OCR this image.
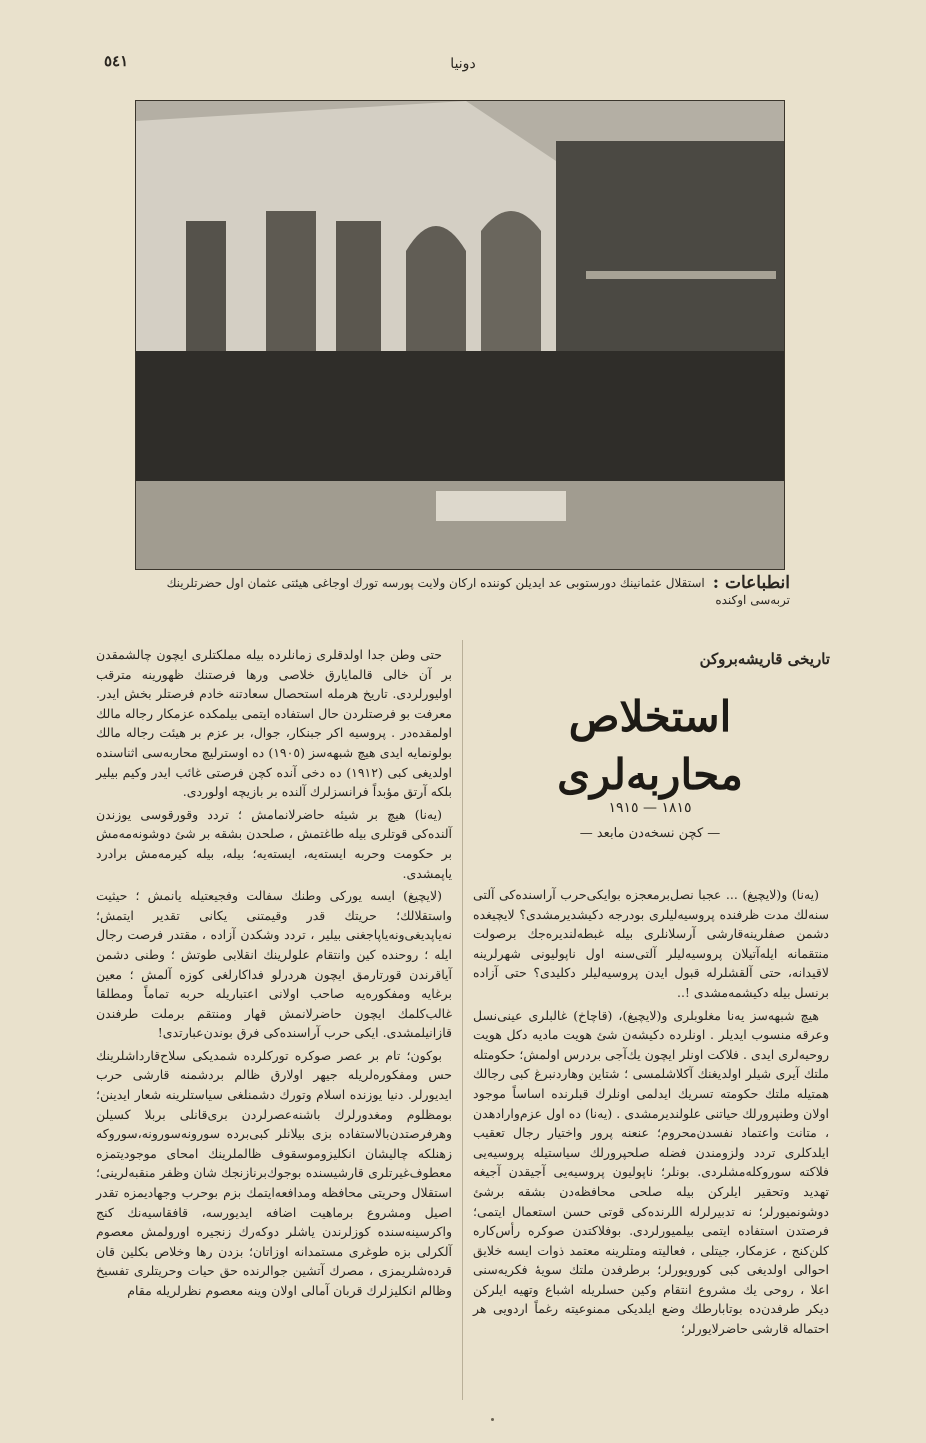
٥٤١	دونیا
انطباعات :
استقلال عثمانینك دورستوبی عد ایدیلن کوننده ارکان ولایت پورسه تورك اوجاغی هیئتی عثمان اول حضرتلرینك تربه‌سی اوکنده
تاریخی قاریشه‌برو‌کن
استخلاص محاربه‌لری
١٨١٥ — ١٩١٥
— کچن نسخه‌دن مابعد —

حتی وطن جدا اولدقلری زمانلرده بیله مملکتلری ایچون چالشمقدن بر آن خالی قالمایارق خلاصی ورها فرصتنك ظهورینه مترقب اولیورلردی. تاریخ هرمله استحصال سعادتنه خادم فرصتلر بخش ایدر. معرفت بو فرصتلردن حال استفاده ایتمی بیلمکده عزمکار رجاله مالك اولمقده‌در . پروسیه اکر جبنکار، جوال، بر عزم بر هیئت رجاله مالك بولونمایه ایدی هیچ شبهه‌سز (١٩٠٥) ده اوسترلیچ محاربه‌سی اثناسنده اولدیغی کبی (١٩١٢) ده دخی آنده کچن فرصتی غائب ایدر وکیم بیلیر بلکه آرتق مؤبداً فرانسزلرك آلنده بر بازیچه اولوردی.

(یه‌نا) هیچ بر شیئه حاضرلانمامش ؛ تردد وقورقوسی یوزندن آلنده‌کی قوتلری بیله طاغتمش ، صلحدن بشقه بر شئ دوشونه‌مه‌مش بر حکومت وحربه ایسته‌یه، ایسته‌یه؛ بیله، بیله کیرمه‌مش برادرد یاپمشدی.

(لایچیغ) ایسه یورکی وطنك سفالت وفجیعتیله یانمش ؛ حیثیت واستقلالك؛ حریتك قدر وقیمتنی یکانی تقدیر ایتمش؛ نه‌یاپدیغی‌ونه‌یاپاجغنی بیلیر ، تردد وشکدن آزاده ، مقتدر فرصت رجال ایله ؛ روحنده کین وانتقام علولرینك انقلابی طوتش ؛ وطنی دشمن آیاقرندن قورتارمق ایچون هردرلو فداکارلغی کوزه آلمش ؛ معین برغایه ومفکوره‌یه صاحب اولانی اعتباریله حربه تماماً ومطلقا غالب‌کلمك ایچون حاضرلانمش قهار ومنتقم برملت طرفندن قازانیلمشدی. ایکی حرب آراسنده‌کی فرق بوندن‌عبارتدی!

بوکون؛ تام بر عصر صوکره تورکلرده شمدیکی سلاح‌قارداشلرینك حس ومفکوره‌لریله جیهر اولارق ظالم بردشمنه قارشی حرب ایدیورلر. دنیا یوزنده اسلام وتورك دشمنلغی سیاستلرینه شعار ایدینن؛ بومظلوم ومغدورلرك باشنه‌عصرلردن بری‌قانلی بربلا کسیلن وهرفرصتدن‌بالاستفاده بزی بیلانلر کبی‌برده سورونه‌سورونه‌،سوروکه زهنلکه چالیشان انکلیزوموسقوف ظالملرینك امحای موجودیتمزه معطوف‌غیرتلری قارشیسنده بوجوك‌برنازنجك شان وظفر منقبه‌لرینی؛ استقلال وحریتی محافظه ومدافعه‌ایتمك بزم بوحرب وجهادیمزه تقدر اصیل ومشروع برماهیت اضافه ایدیورسه، قافقاسیه‌نك کنج واکرسینه‌سنده کوزلرندن یاشلر دوکه‌رك زنجیره اورولمش معصوم آلکرلی بزه طوغری مستمدانه اوزاتان؛ بزدن رها وخلاص بکلین قان قرده‌شلریمزی ، مصرك آتشین جوالرنده حق حیات وحریتلری تفسیخ وظالم انکلیزلرك قربان آمالی اولان وینه معصوم نظرلریله مقام

(یه‌نا) و(لایچیغ) ... عجبا نصل‌برمعجزه بوایکی‌حرب آراسنده‌کی آلتی سنه‌لك مدت ظرفنده پروسیه‌لیلری بودرجه دکیشدیرمشدی؟ لایچیغده دشمن صفلرینه‌قارشی آرسلانلری بیله غبطه‌لندیره‌جك برصولت منتقمانه ایله‌آتیلان پروسیه‌لیلر آلتی‌سنه اول ناپولیونی شهرلرینه لاقیدانه، حتی آلقشلرله قبول ایدن پروسیه‌لیلر دکلیدی؟ حتی آزاده برنسل بیله دکیشمه‌مشدی !..

هیچ شبهه‌سز یه‌نا مغلوبلری و(لایچیغ)، (قاچاخ) غالبلری عینی‌نسل وعرقه منسوب ایدیلر . اونلرده دکیشه‌ن شئ هویت مادیه دکل هویت روحیه‌لری ایدی . فلاکت اونلر ایچون یك‌آجی بردرس اولمش؛ حکومتله ملتك آیری شیلر اولدیغنك آکلاشلمسی ؛ شتاین وهاردنبرغ کبی رجالك همتیله ملتك حکومته تسریك ایدلمی اونلرك قبلرنده اساساً موجود اولان وطنپرورلك حیاتنی علولندیرمشدی . (یه‌نا) ده اول عزم‌وارادهدن ، متانت واعتماد نفسدن‌محروم؛ عنعنه پرور واختیار رجال تعقیب ایلدکلری تردد ولزومندن فضله صلحپرورلك سیاستیله پروسیه‌یی فلاکته سوروکله‌مشلردی. بونلر؛ ناپولیون پروسیه‌یی آجیقدن آجیغه تهدید وتحقیر ایلرکن بیله صلحی محافظه‌دن بشقه برشئ دوشونمیورلر؛ نه تدبیرلرله اللرنده‌کی قوتی حسن استعمال ایتمی؛ فرصتدن استفاده ایتمی بیلمیورلردی. بوفلاکتدن صوکره رأس‌کاره کلن‌کنج ، عزمکار، جیتلی ، فعالیته ومتلرینه معتمد ذوات ایسه خلایق احوالی اولدیغی کبی کورویورلر؛ برطرفدن ملتك سویهٔ فکریه‌سنی اعلا ، روحی یك مشروع انتقام وکین حسلریله اشباع وتهیه ایلرکن دیکر طرفدن‌ده بوتابارطك وضع ایلدیکی ممنوعیته رغماً اردویی هر احتماله قارشی حاضرلایورلر؛
